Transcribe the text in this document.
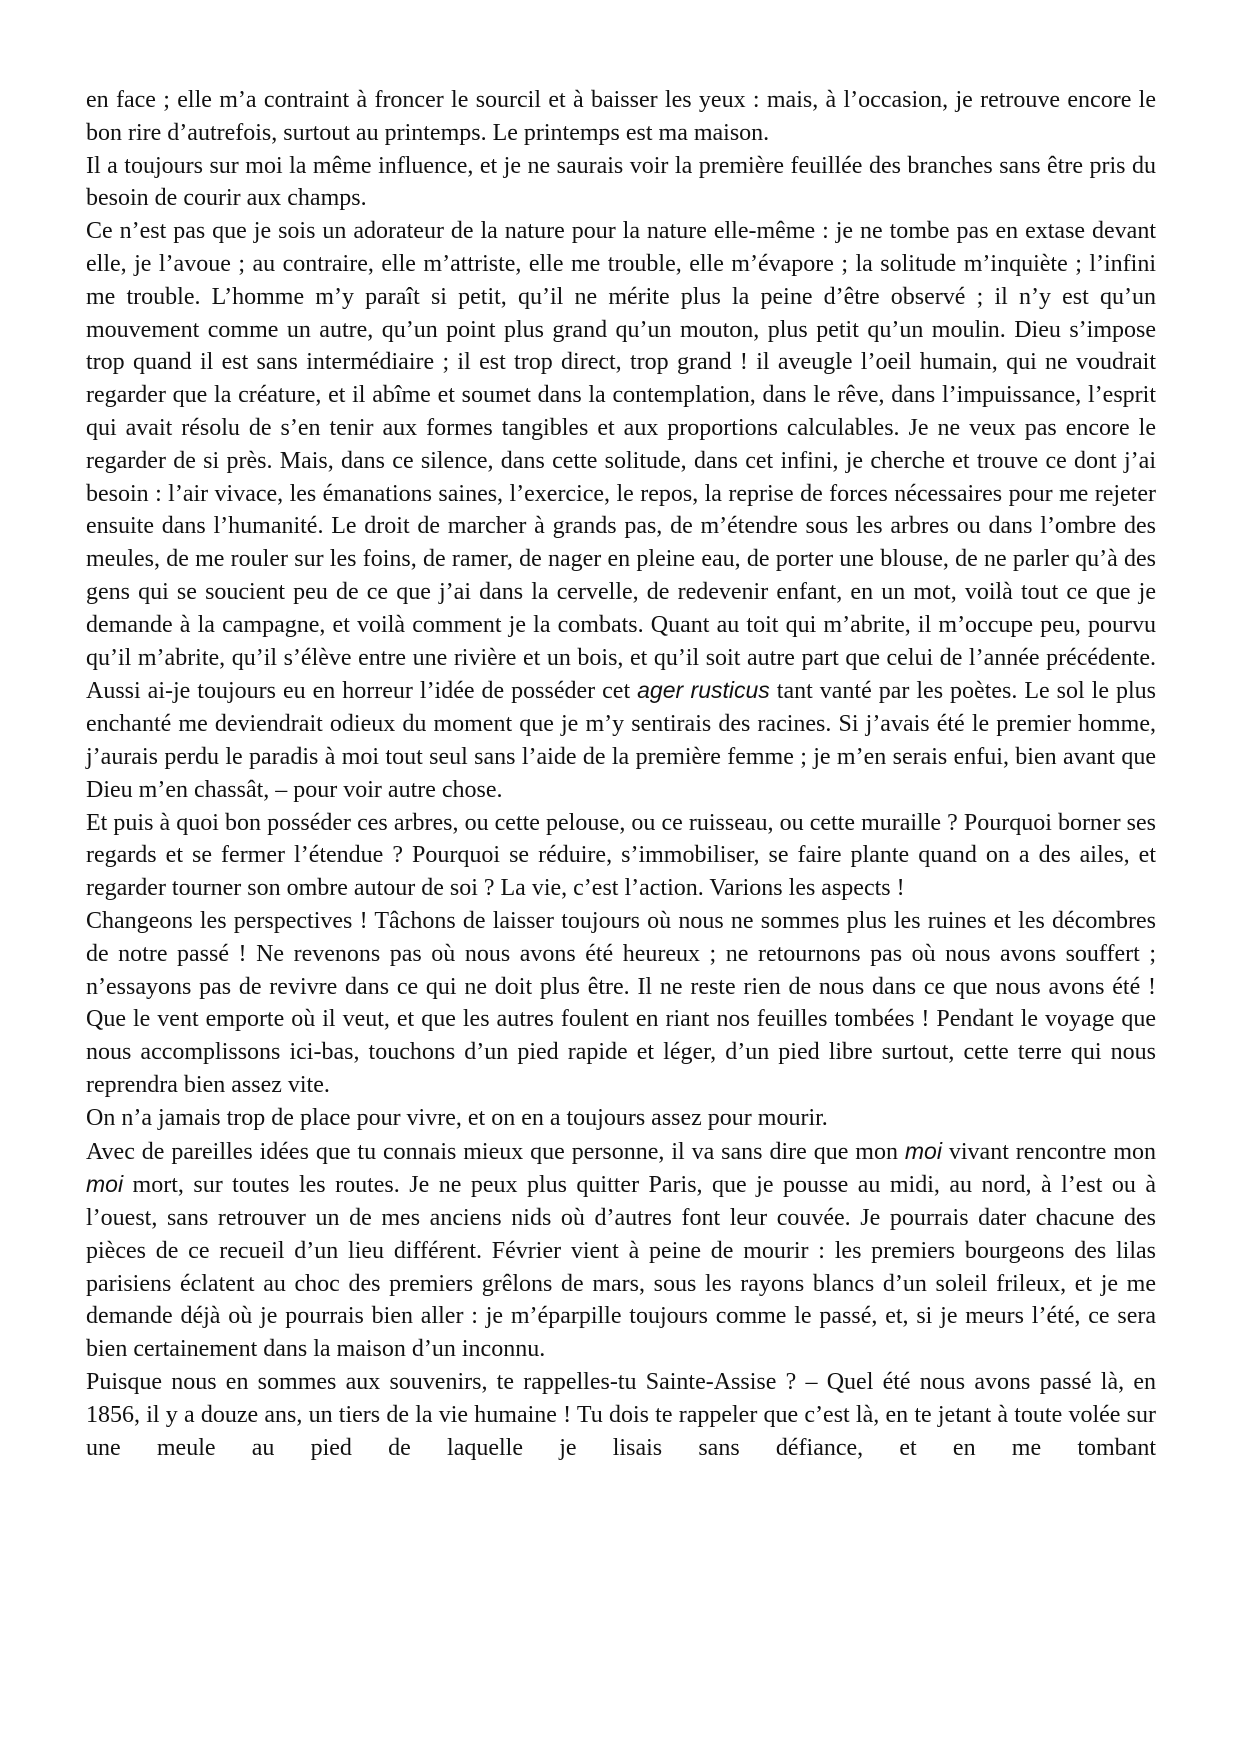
en face ; elle m’a contraint à froncer le sourcil et à baisser les yeux : mais, à l’occasion, je retrouve encore le bon rire d’autrefois, surtout au printemps. Le printemps est ma maison.

Il a toujours sur moi la même influence, et je ne saurais voir la première feuillée des branches sans être pris du besoin de courir aux champs.

Ce n’est pas que je sois un adorateur de la nature pour la nature elle-même : je ne tombe pas en extase devant elle, je l’avoue ; au contraire, elle m’attriste, elle me trouble, elle m’évapore ; la solitude m’inquiète ; l’infini me trouble. L’homme m’y paraît si petit, qu’il ne mérite plus la peine d’être observé ; il n’y est qu’un mouvement comme un autre, qu’un point plus grand qu’un mouton, plus petit qu’un moulin. Dieu s’impose trop quand il est sans intermédiaire ; il est trop direct, trop grand ! il aveugle l’oeil humain, qui ne voudrait regarder que la créature, et il abîme et soumet dans la contemplation, dans le rêve, dans l’impuissance, l’esprit qui avait résolu de s’en tenir aux formes tangibles et aux proportions calculables. Je ne veux pas encore le regarder de si près. Mais, dans ce silence, dans cette solitude, dans cet infini, je cherche et trouve ce dont j’ai besoin : l’air vivace, les émanations saines, l’exercice, le repos, la reprise de forces nécessaires pour me rejeter ensuite dans l’humanité. Le droit de marcher à grands pas, de m’étendre sous les arbres ou dans l’ombre des meules, de me rouler sur les foins, de ramer, de nager en pleine eau, de porter une blouse, de ne parler qu’à des gens qui se soucient peu de ce que j’ai dans la cervelle, de redevenir enfant, en un mot, voilà tout ce que je demande à la campagne, et voilà comment je la combats. Quant au toit qui m’abrite, il m’occupe peu, pourvu qu’il m’abrite, qu’il s’élève entre une rivière et un bois, et qu’il soit autre part que celui de l’année précédente. Aussi ai-je toujours eu en horreur l’idée de posséder cet ager rusticus tant vanté par les poètes. Le sol le plus enchanté me deviendrait odieux du moment que je m’y sentirais des racines. Si j’avais été le premier homme, j’aurais perdu le paradis à moi tout seul sans l’aide de la première femme ; je m’en serais enfui, bien avant que Dieu m’en chassât, – pour voir autre chose.

Et puis à quoi bon posséder ces arbres, ou cette pelouse, ou ce ruisseau, ou cette muraille ? Pourquoi borner ses regards et se fermer l’étendue ? Pourquoi se réduire, s’immobiliser, se faire plante quand on a des ailes, et regarder tourner son ombre autour de soi ? La vie, c’est l’action. Varions les aspects !

Changeons les perspectives ! Tâchons de laisser toujours où nous ne sommes plus les ruines et les décombres de notre passé ! Ne revenons pas où nous avons été heureux ; ne retournons pas où nous avons souffert ; n’essayons pas de revivre dans ce qui ne doit plus être. Il ne reste rien de nous dans ce que nous avons été ! Que le vent emporte où il veut, et que les autres foulent en riant nos feuilles tombées ! Pendant le voyage que nous accomplissons ici-bas, touchons d’un pied rapide et léger, d’un pied libre surtout, cette terre qui nous reprendra bien assez vite.

On n’a jamais trop de place pour vivre, et on en a toujours assez pour mourir.

Avec de pareilles idées que tu connais mieux que personne, il va sans dire que mon moi vivant rencontre mon moi mort, sur toutes les routes. Je ne peux plus quitter Paris, que je pousse au midi, au nord, à l’est ou à l’ouest, sans retrouver un de mes anciens nids où d’autres font leur couvée. Je pourrais dater chacune des pièces de ce recueil d’un lieu différent. Février vient à peine de mourir : les premiers bourgeons des lilas parisiens éclatent au choc des premiers grêlons de mars, sous les rayons blancs d’un soleil frileux, et je me demande déjà où je pourrais bien aller : je m’éparpille toujours comme le passé, et, si je meurs l’été, ce sera bien certainement dans la maison d’un inconnu.

Puisque nous en sommes aux souvenirs, te rappelles-tu Sainte-Assise ? – Quel été nous avons passé là, en 1856, il y a douze ans, un tiers de la vie humaine ! Tu dois te rappeler que c’est là, en te jetant à toute volée sur une meule au pied de laquelle je lisais sans défiance, et en me tombant
